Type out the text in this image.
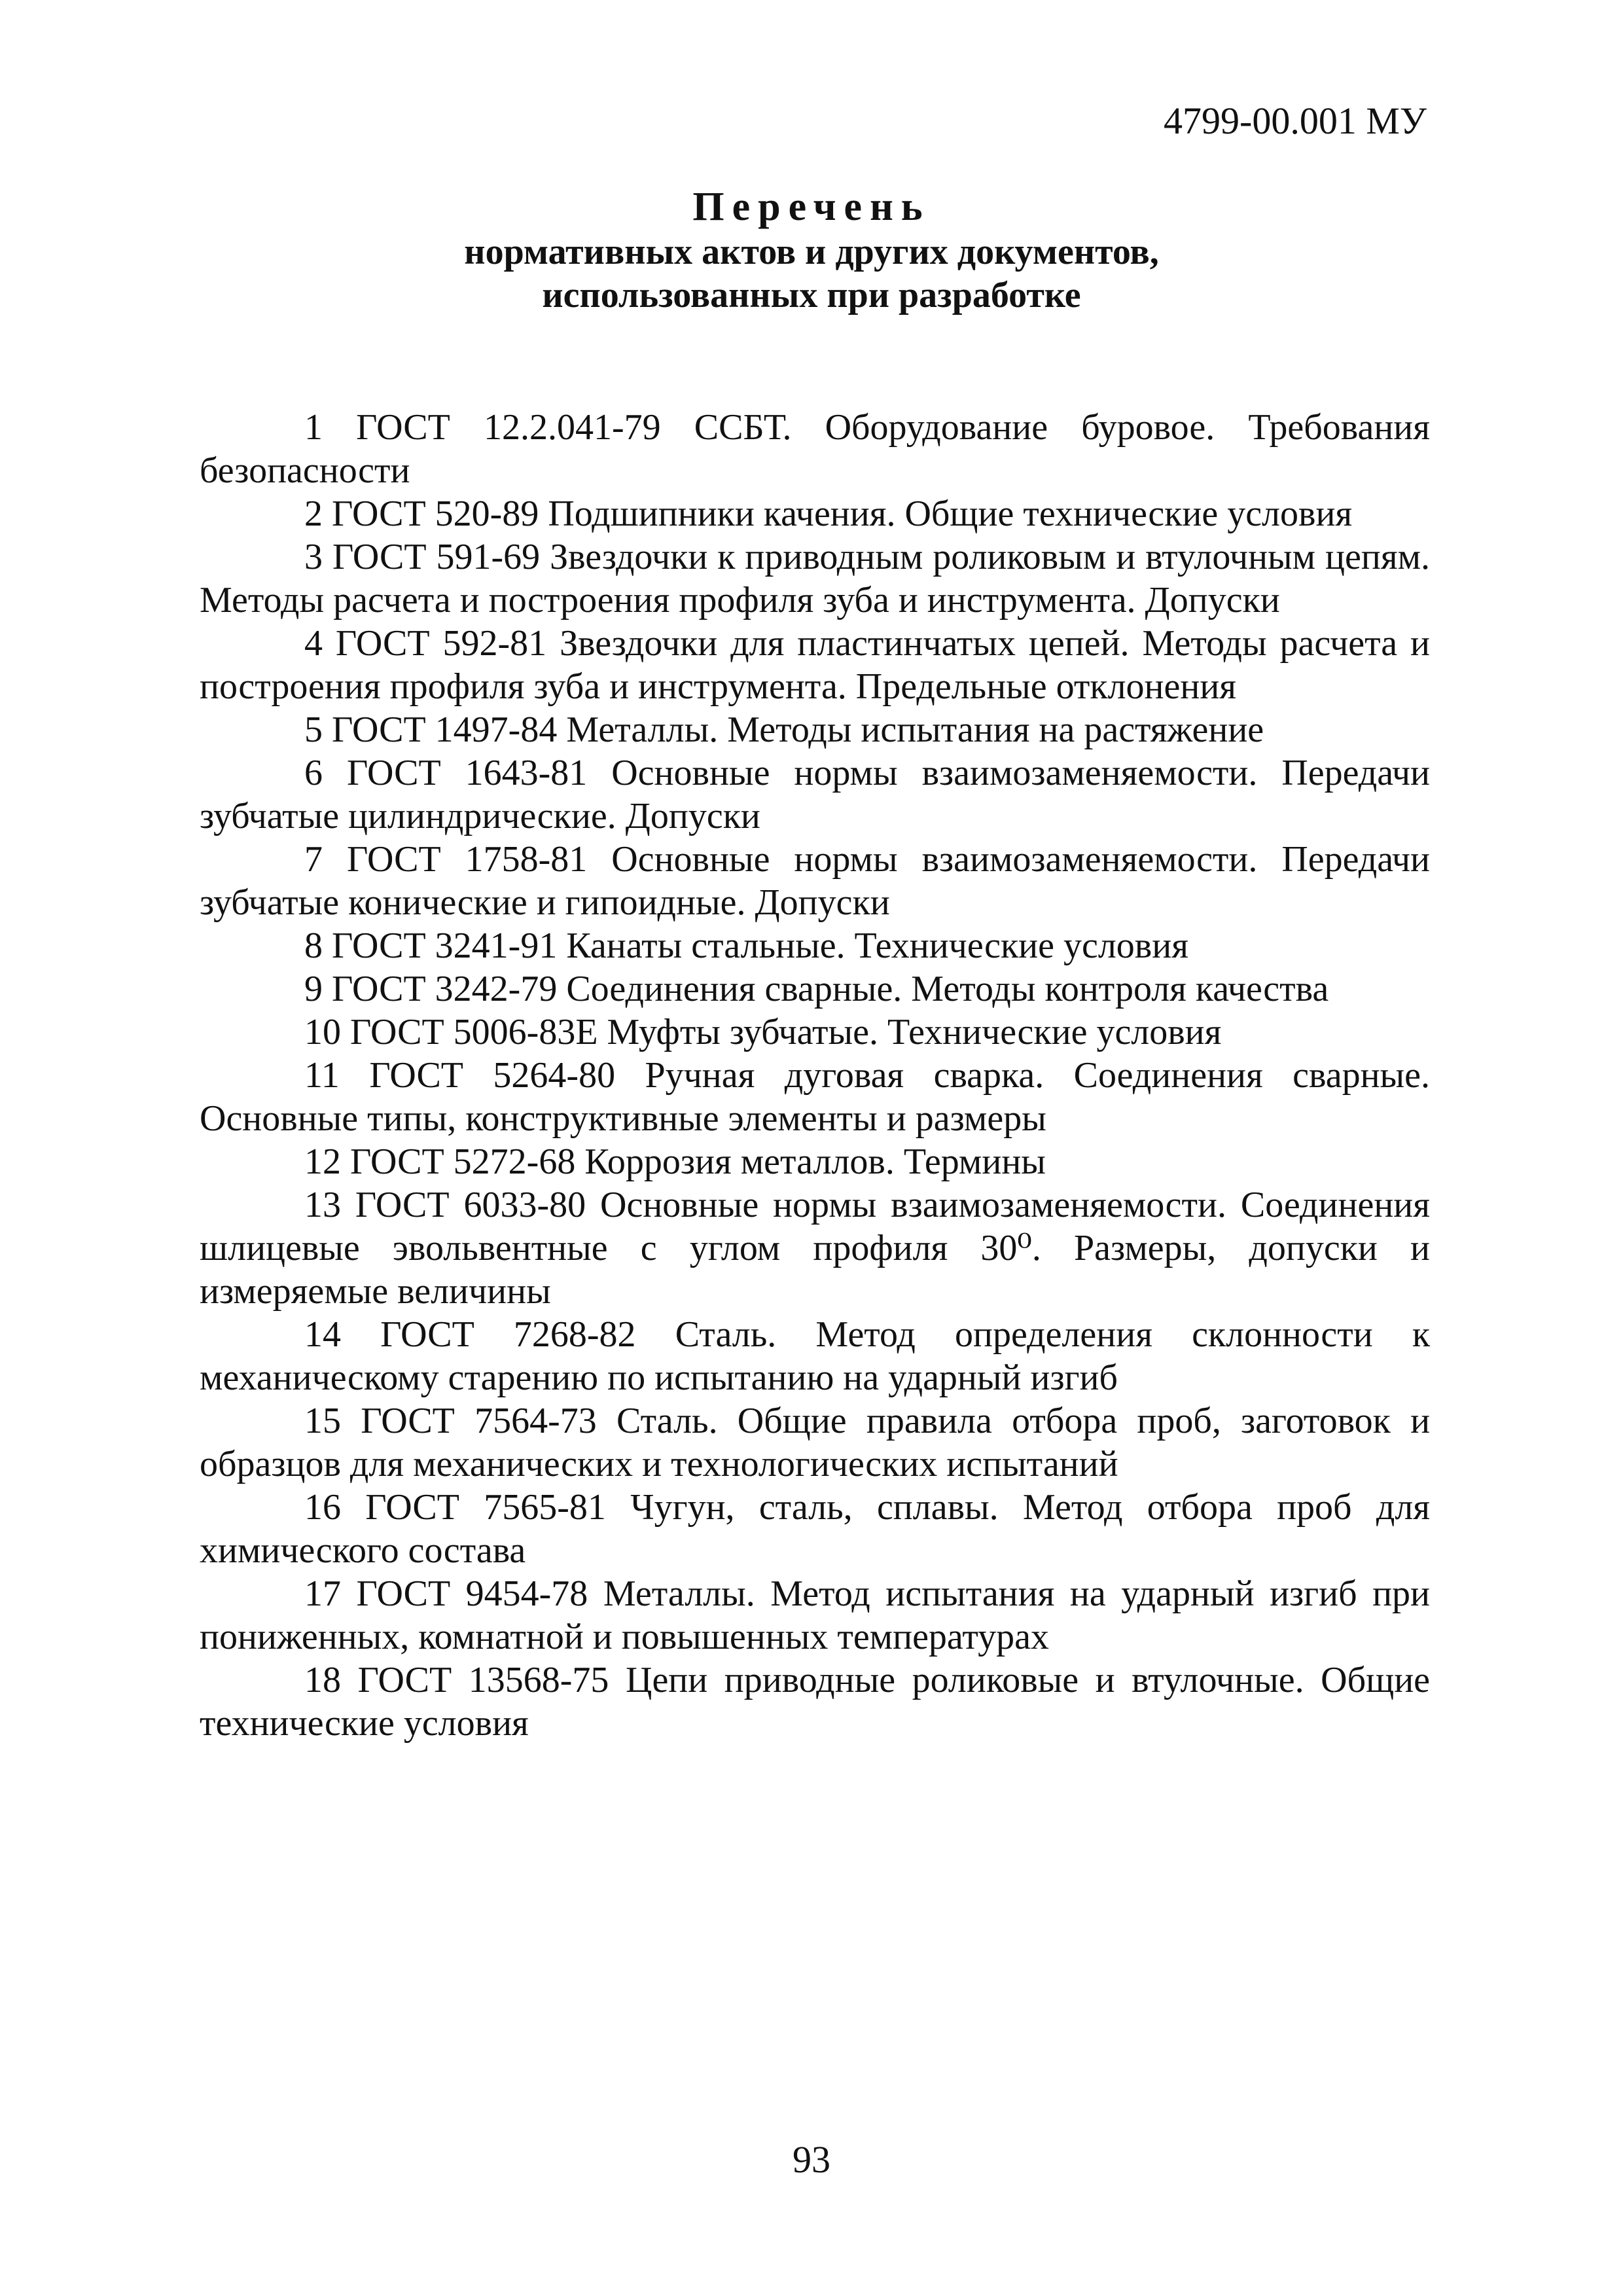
4799-00.001 МУ
Перечень
нормативных актов и других документов,
использованных при разработке
1 ГОСТ 12.2.041-79 ССБТ. Оборудование буровое. Требования безопасности
2 ГОСТ 520-89 Подшипники качения. Общие технические условия
3 ГОСТ 591-69 Звездочки к приводным роликовым и втулочным цепям. Методы расчета и построения профиля зуба и инструмента. Допуски
4 ГОСТ 592-81 Звездочки для пластинчатых цепей. Методы расчета и построения профиля зуба и инструмента. Предельные отклонения
5 ГОСТ 1497-84 Металлы. Методы испытания на растяжение
6 ГОСТ 1643-81 Основные нормы взаимозаменяемости. Передачи зубчатые цилиндрические. Допуски
7 ГОСТ 1758-81 Основные нормы взаимозаменяемости. Передачи зубчатые конические и гипоидные. Допуски
8 ГОСТ 3241-91 Канаты стальные. Технические условия
9 ГОСТ 3242-79 Соединения сварные. Методы контроля качества
10 ГОСТ 5006-83Е Муфты зубчатые. Технические условия
11 ГОСТ 5264-80 Ручная дуговая сварка. Соединения сварные. Основные типы, конструктивные элементы и размеры
12 ГОСТ 5272-68 Коррозия металлов. Термины
13 ГОСТ 6033-80 Основные нормы взаимозаменяемости. Соединения шлицевые эвольвентные с углом профиля 30⁰. Размеры, допуски и измеряемые величины
14 ГОСТ 7268-82 Сталь. Метод определения склонности к механическому старению по испытанию на ударный изгиб
15 ГОСТ 7564-73 Сталь. Общие правила отбора проб, заготовок и образцов для механических и технологических испытаний
16 ГОСТ 7565-81 Чугун, сталь, сплавы. Метод отбора проб для химического состава
17 ГОСТ 9454-78 Металлы. Метод испытания на ударный изгиб при пониженных, комнатной и повышенных температурах
18 ГОСТ 13568-75 Цепи приводные роликовые и втулочные. Общие технические условия
93
